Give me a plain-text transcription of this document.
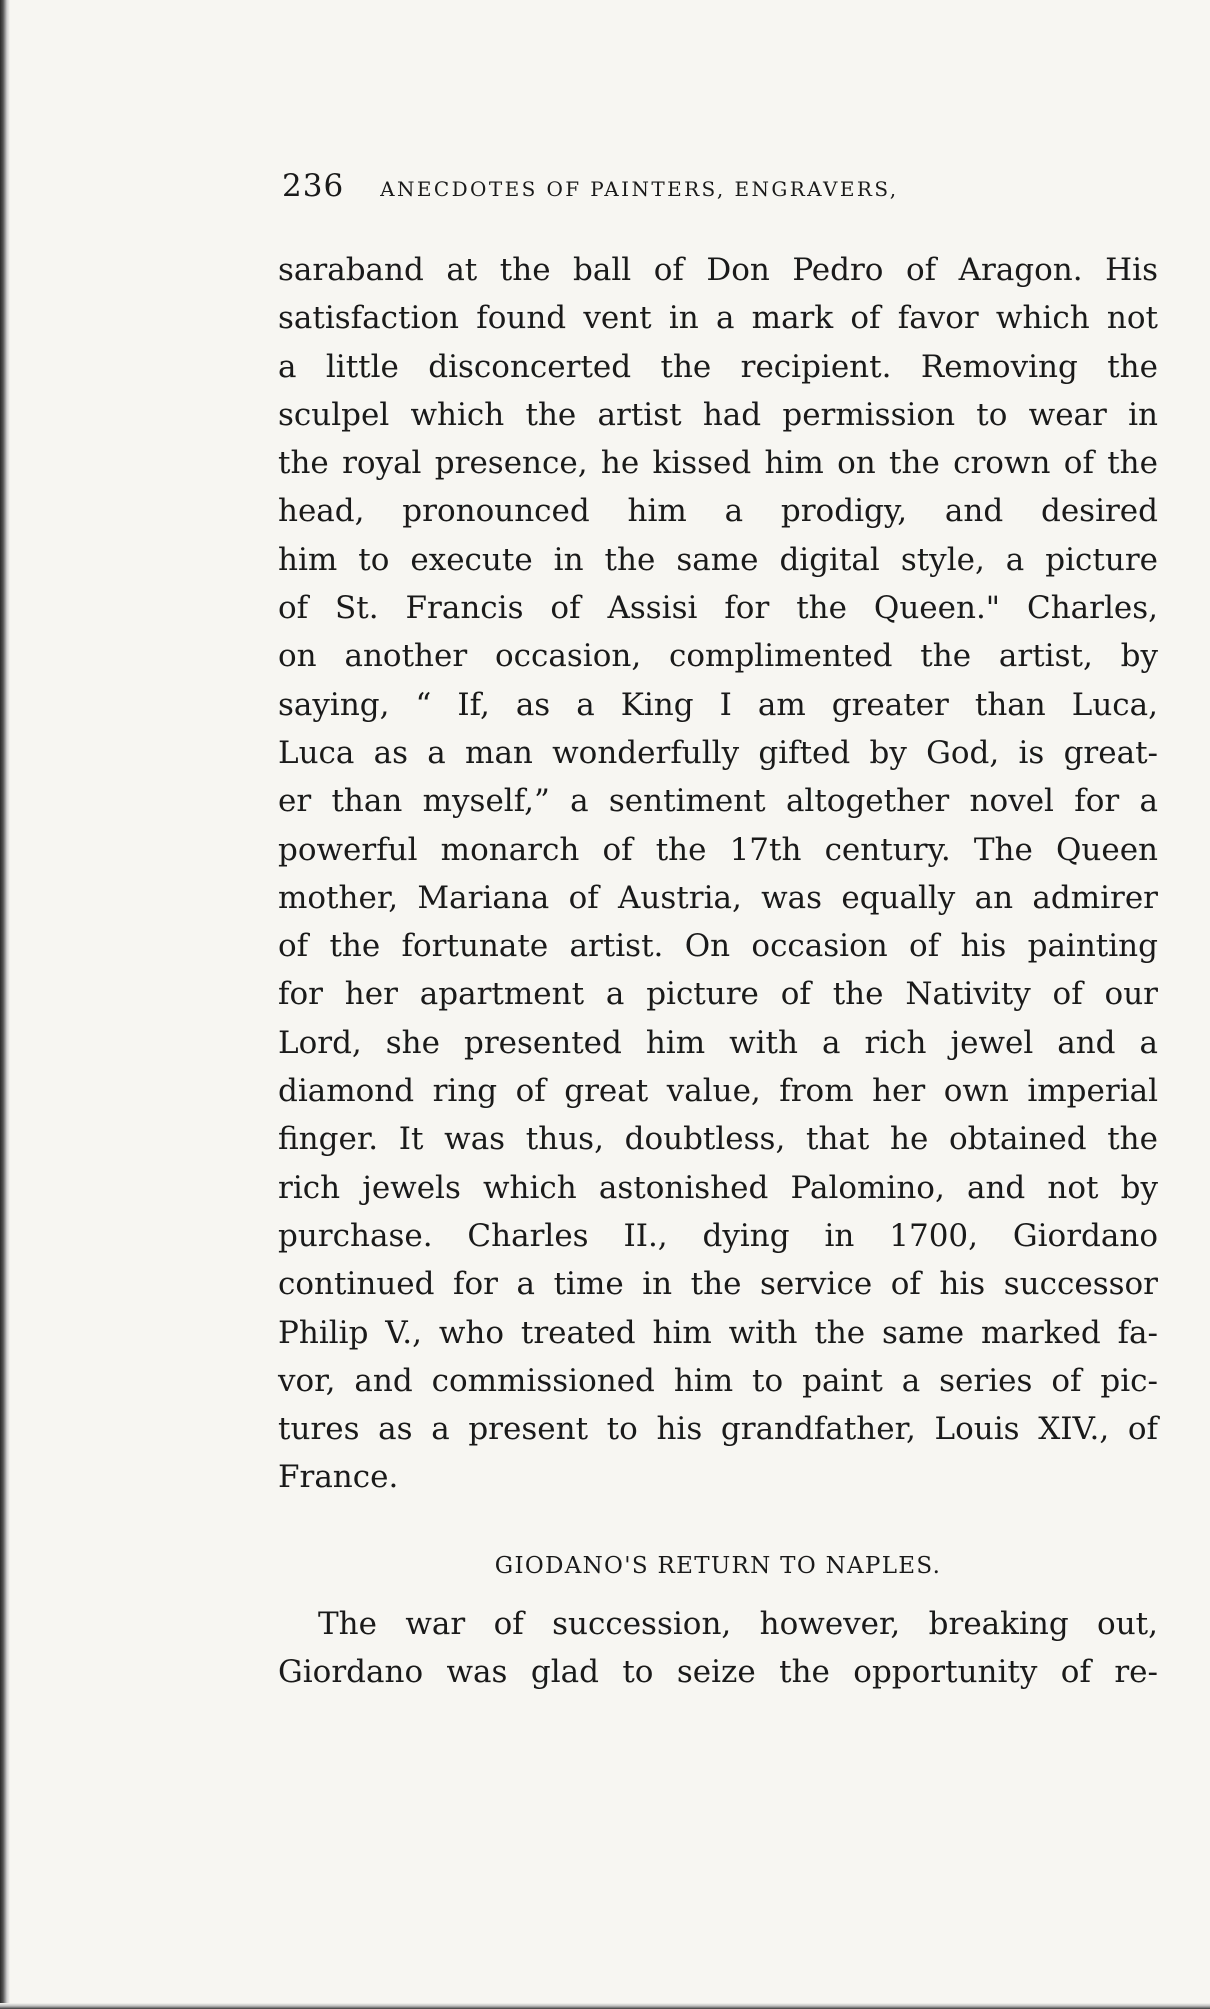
236 ANECDOTES OF PAINTERS, ENGRAVERS,
saraband at the ball of Don Pedro of Aragon. His
satisfaction found vent in a mark of favor which not
a little disconcerted the recipient. Removing the
sculpel which the artist had permission to wear in
the royal presence, he kissed him on the crown of the
head, pronounced him a prodigy, and desired
him to execute in the same digital style, a picture
of St. Francis of Assisi for the Queen." Charles,
on another occasion, complimented the artist, by
saying, “ If, as a King I am greater than Luca,
Luca as a man wonderfully gifted by God, is great-
er than myself,” a sentiment altogether novel for a
powerful monarch of the 17th century. The Queen
mother, Mariana of Austria, was equally an admirer
of the fortunate artist. On occasion of his painting
for her apartment a picture of the Nativity of our
Lord, she presented him with a rich jewel and a
diamond ring of great value, from her own imperial
finger. It was thus, doubtless, that he obtained the
rich jewels which astonished Palomino, and not by
purchase. Charles II., dying in 1700, Giordano
continued for a time in the service of his successor
Philip V., who treated him with the same marked fa-
vor, and commissioned him to paint a series of pic-
tures as a present to his grandfather, Louis XIV., of
France.
GIODANO'S RETURN TO NAPLES.
The war of succession, however, breaking out,
Giordano was glad to seize the opportunity of re-
